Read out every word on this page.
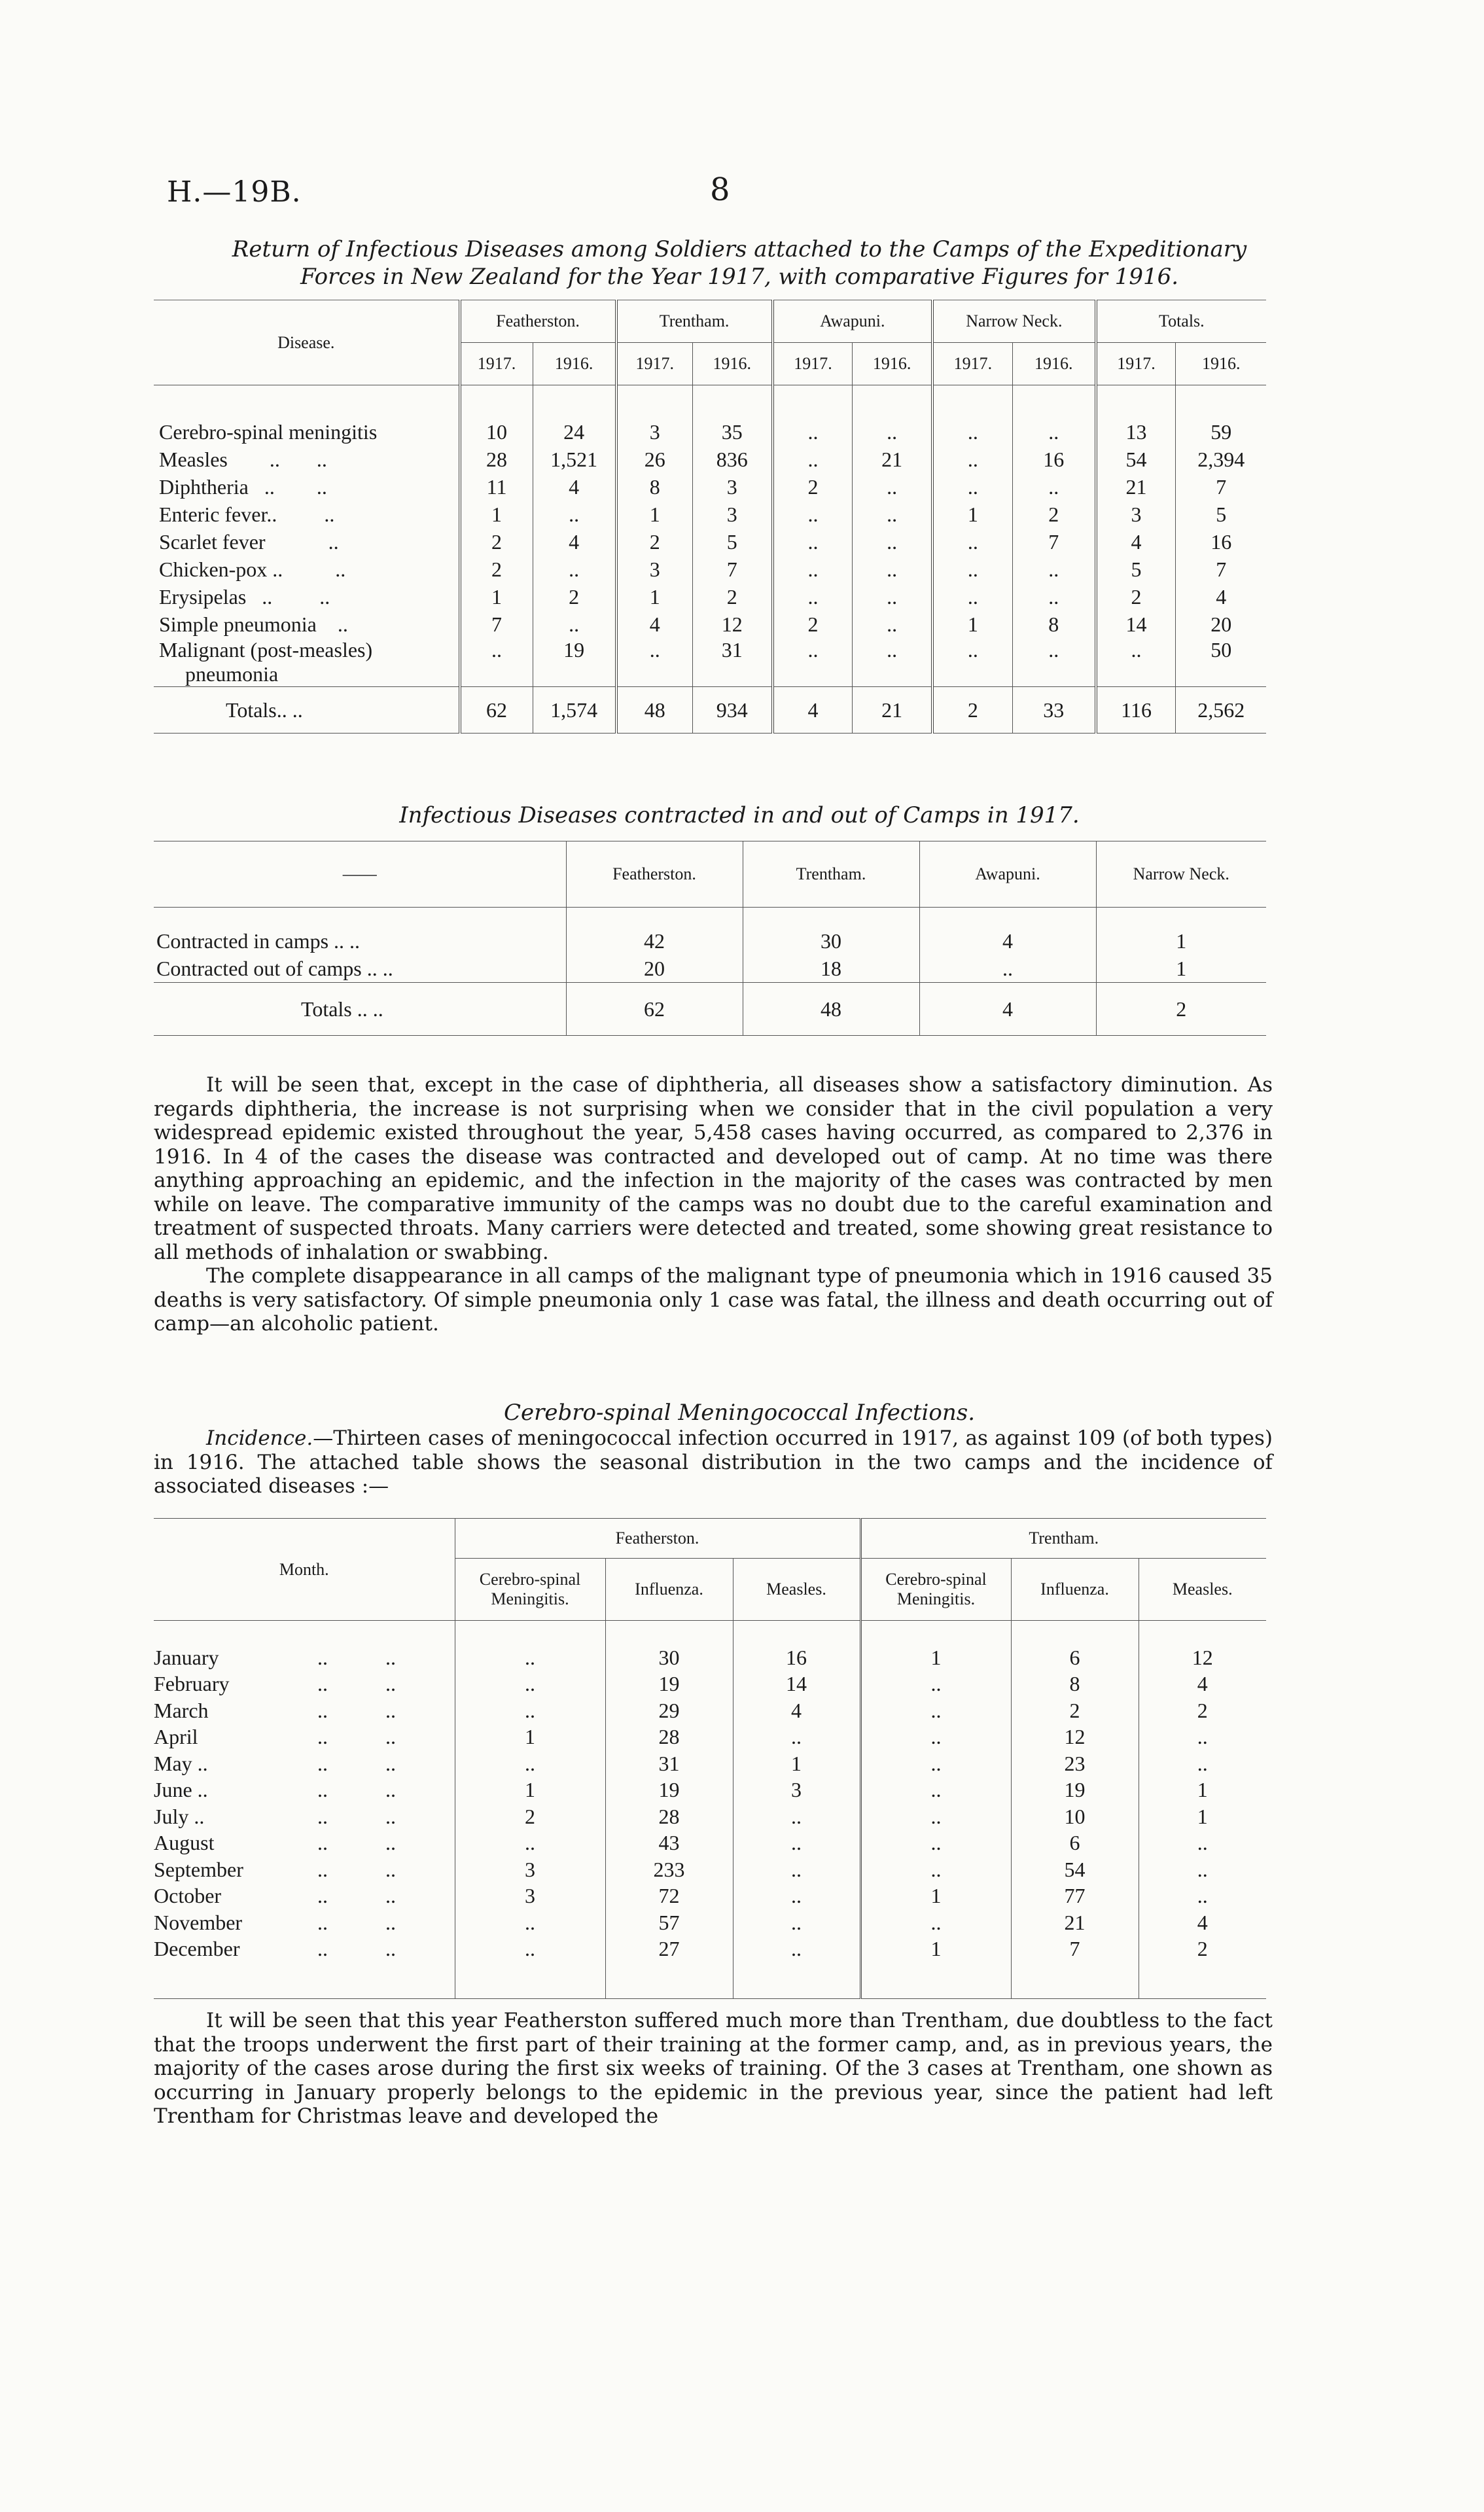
H.—19B.	8
Return of Infectious Diseases among Soldiers attached to the Camps of the Expeditionary
Forces in New Zealand for the Year 1917, with comparative Figures for 1916.
Disease.	Featherston.		Trentham.		Awapuni.		Narrow Neck.		Totals.	
	1917.	1916.	1917.	1916.	1917.	1916.	1917.	1916.	1917.	1916.

Cerebro-spinal meningitis	10	24	3	35	..	..	..	..	13	59

Measles        ..       ..	28	1,521	26	836	..	21	..	16	54	2,394

Diphtheria   ..        ..	11	4	8	3	2	..	..	..	21	7

Enteric fever..         ..	1	..	1	3	..	..	1	2	3	5

Scarlet fever            ..	2	4	2	5	..	..	..	7	4	16

Chicken-pox ..          ..	2	..	3	7	..	..	..	..	5	7

Erysipelas   ..         ..	1	2	1	2	..	..	..	..	2	4

Simple pneumonia    ..	7	..	4	12	2	..	1	8	14	20

Malignant (post-measles)
pneumonia	..	19	..	31	..	..	..	..	..	50
Totals.. ..	62	1,574	48	934	4	21	2	33	116	2,562
Infectious Diseases contracted in and out of Camps in 1917.
——	Featherston.	Trentham.	Awapuni.	Narrow Neck.

Contracted in camps .. ..	42	30	4	1
Contracted out of camps .. ..	20	18	..	1
Totals .. ..	62	48	4	2

It will be seen that, except in the case of diphtheria, all diseases show a satisfactory diminution. As regards diphtheria, the increase is not surprising when we consider that in the civil population a very widespread epidemic existed throughout the year, 5,458 cases having occurred, as compared to 2,376 in 1916. In 4 of the cases the disease was contracted and developed out of camp. At no time was there anything approaching an epidemic, and the infection in the majority of the cases was contracted by men while on leave. The comparative immunity of the camps was no doubt due to the careful examination and treatment of suspected throats. Many carriers were detected and treated, some showing great resistance to all methods of inhalation or swabbing.

The complete disappearance in all camps of the malignant type of pneumonia which in 1916 caused 35 deaths is very satisfactory. Of simple pneumonia only 1 case was fatal, the illness and death occurring out of camp—an alcoholic patient.

Cerebro-spinal Meningococcal Infections.

Incidence.—Thirteen cases of meningococcal infection occurred in 1917, as against 109 (of both types) in 1916. The attached table shows the seasonal distribution in the two camps and the incidence of associated diseases :—

Month.	Featherston.			Trentham.		
	Cerebro-spinal Meningitis.	Influenza.	Measles.	Cerebro-spinal Meningitis.	Influenza.	Measles.

January ..           ..	..	30	16	1	6	12
February ..           ..	..	19	14	..	8	4
March ..           ..	..	29	4	..	2	2
April ..           ..	1	28	..	..	12	..
May .. ..           ..	..	31	1	..	23	..
June .. ..           ..	1	19	3	..	19	1
July .. ..           ..	2	28	..	..	10	1
August ..           ..	..	43	..	..	6	..
September ..           ..	3	233	..	..	54	..
October ..           ..	3	72	..	1	77	..
November ..           ..	..	57	..	..	21	4
December ..           ..	..	27	..	1	7	2

It will be seen that this year Featherston suffered much more than Trentham, due doubtless to the fact that the troops underwent the first part of their training at the former camp, and, as in previous years, the majority of the cases arose during the first six weeks of training. Of the 3 cases at Trentham, one shown as occurring in January properly belongs to the epidemic in the previous year, since the patient had left Trentham for Christmas leave and developed the
